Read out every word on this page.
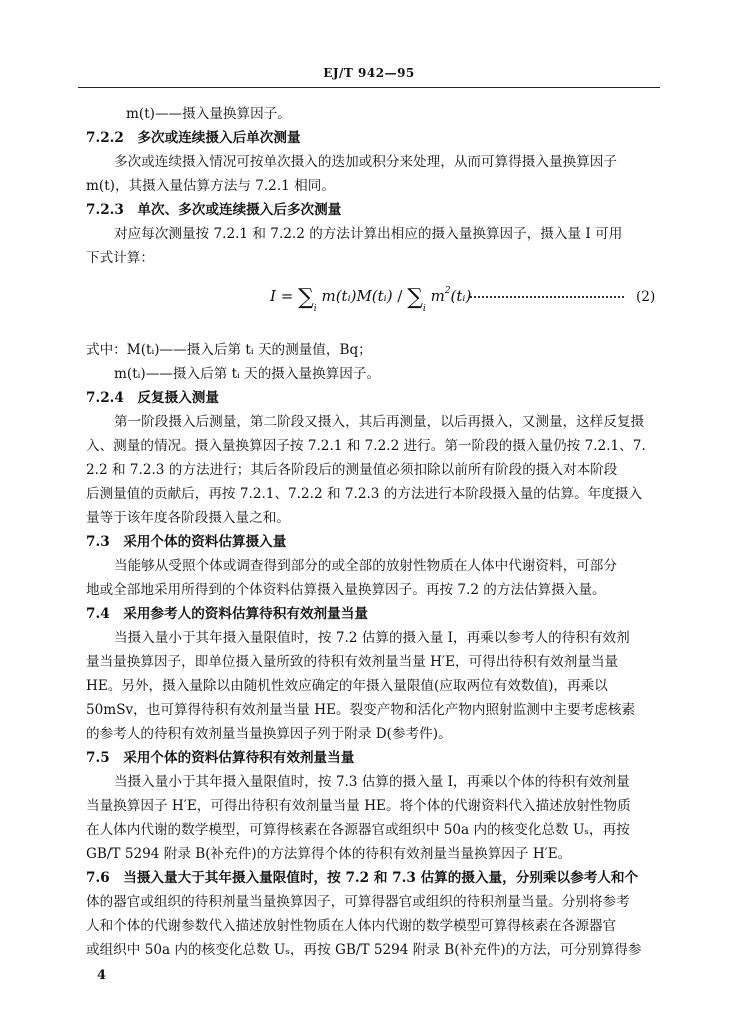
EJ/T 942—95
m(t)——摄入量换算因子。
7.2.2　多次或连续摄入后单次测量
多次或连续摄入情况可按单次摄入的迭加或积分来处理，从而可算得摄入量换算因子
m(t)，其摄入量估算方法与 7.2.1 相同。
7.2.3　单次、多次或连续摄入后多次测量
对应每次测量按 7.2.1 和 7.2.2 的方法计算出相应的摄入量换算因子，摄入量 I 可用
下式计算：
$I = \sum_i$ m(tᵢ)M(tᵢ) / $\sum_i$ $m^2(tᵢ)$	(2)
式中：M(tᵢ)——摄入后第 tᵢ 天的测量值，Bq；
m(tᵢ)——摄入后第 tᵢ 天的摄入量换算因子。
7.2.4　反复摄入测量
第一阶段摄入后测量，第二阶段又摄入，其后再测量，以后再摄入，又测量，这样反复摄
入、测量的情况。摄入量换算因子按 7.2.1 和 7.2.2 进行。第一阶段的摄入量仍按 7.2.1、7.
2.2 和 7.2.3 的方法进行；其后各阶段后的测量值必须扣除以前所有阶段的摄入对本阶段
后测量值的贡献后，再按 7.2.1、7.2.2 和 7.2.3 的方法进行本阶段摄入量的估算。年度摄入
量等于该年度各阶段摄入量之和。
7.3　采用个体的资料估算摄入量
当能够从受照个体或调查得到部分的或全部的放射性物质在人体中代谢资料，可部分
地或全部地采用所得到的个体资料估算摄入量换算因子。再按 7.2 的方法估算摄入量。
7.4　采用参考人的资料估算待积有效剂量当量
当摄入量小于其年摄入量限值时，按 7.2 估算的摄入量 I，再乘以参考人的待积有效剂
量当量换算因子，即单位摄入量所致的待积有效剂量当量 H′E，可得出待积有效剂量当量
HE。另外，摄入量除以由随机性效应确定的年摄入量限值(应取两位有效数值)，再乘以
50mSv，也可算得待积有效剂量当量 HE。裂变产物和活化产物内照射监测中主要考虑核素
的参考人的待积有效剂量当量换算因子列于附录 D(参考件)。
7.5　采用个体的资料估算待积有效剂量当量
当摄入量小于其年摄入量限值时，按 7.3 估算的摄入量 I，再乘以个体的待积有效剂量
当量换算因子 H′E，可得出待积有效剂量当量 HE。将个体的代谢资料代入描述放射性物质
在人体内代谢的数学模型，可算得核素在各源器官或组织中 50a 内的核变化总数 Uₛ，再按
GB/T 5294 附录 B(补充件)的方法算得个体的待积有效剂量当量换算因子 H′E。
7.6　当摄入量大于其年摄入量限值时，按 7.2 和 7.3 估算的摄入量，分别乘以参考人和个
体的器官或组织的待积剂量当量换算因子，可算得器官或组织的待积剂量当量。分别将参考
人和个体的代谢参数代入描述放射性物质在人体内代谢的数学模型可算得核素在各源器官
或组织中 50a 内的核变化总数 Uₛ，再按 GB/T 5294 附录 B(补充件)的方法，可分别算得参
4
